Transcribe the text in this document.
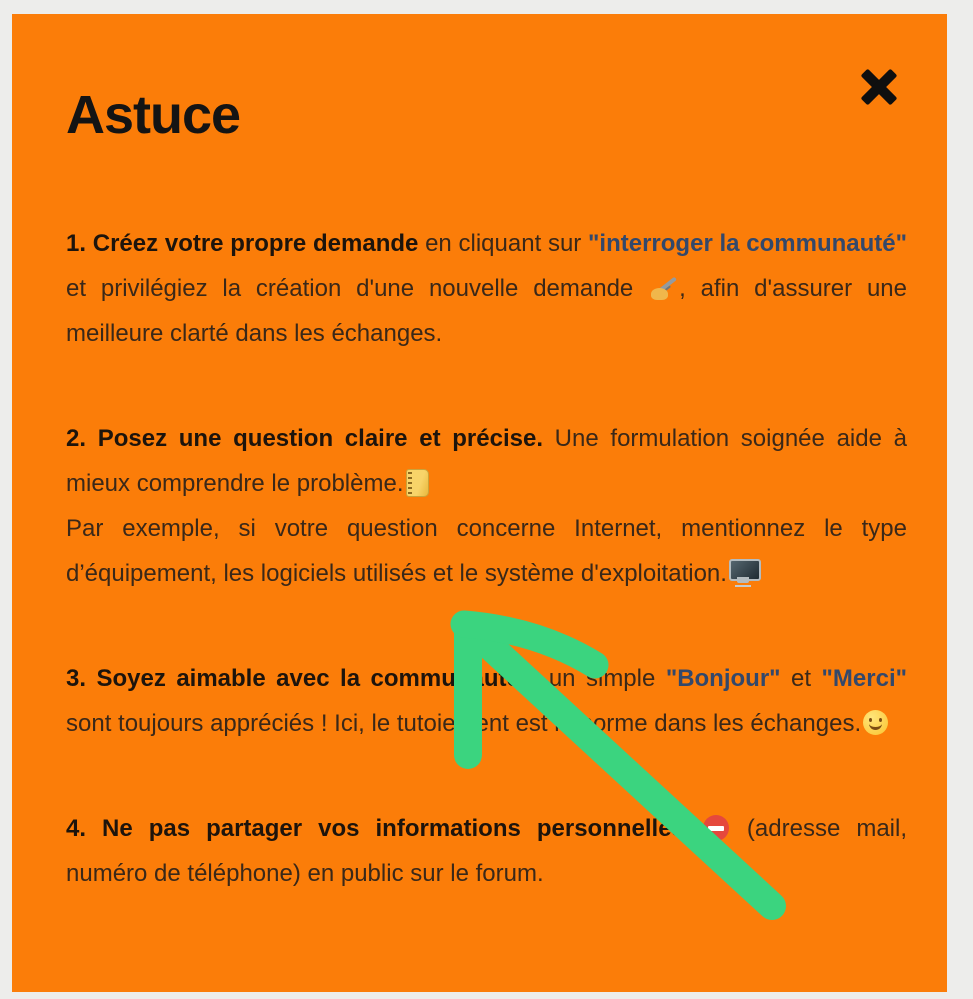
Astuce

1. Créez votre propre demande en cliquant sur "interroger la communauté" et privilégiez la création d'une nouvelle demande , afin d'assurer une meilleure clarté dans les échanges.

2. Posez une question claire et précise. Une formulation soignée aide à mieux comprendre le problème.
Par exemple, si votre question concerne Internet, mentionnez le type d’équipement, les logiciels utilisés et le système d'exploitation.

3. Soyez aimable avec la communauté : un simple "Bonjour" et "Merci" sont toujours appréciés ! Ici, le tutoiement est la norme dans les échanges.

4. Ne pas partager vos informations personnelles  (adresse mail, numéro de téléphone) en public sur le forum.
